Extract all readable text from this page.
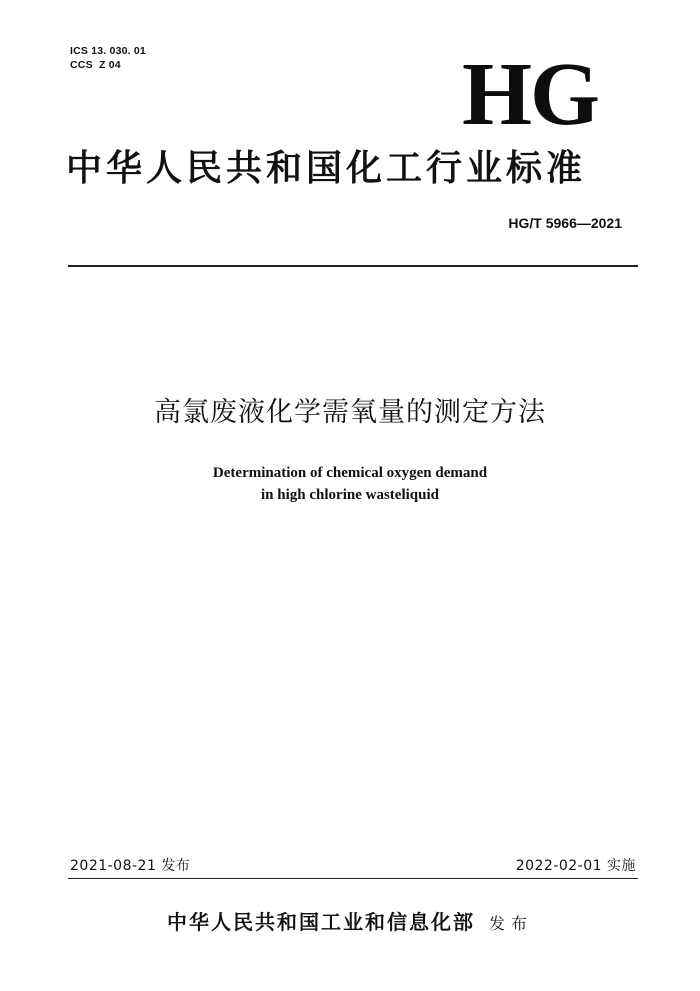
ICS 13. 030. 01
CCS  Z 04	HG
中华人民共和国化工行业标准
HG/T 5966—2021
高氯废液化学需氧量的测定方法
Determination of chemical oxygen demand
in high chlorine wasteliquid
2021-08-21 发布	2022-02-01 实施
中华人民共和国工业和信息化部 发布
